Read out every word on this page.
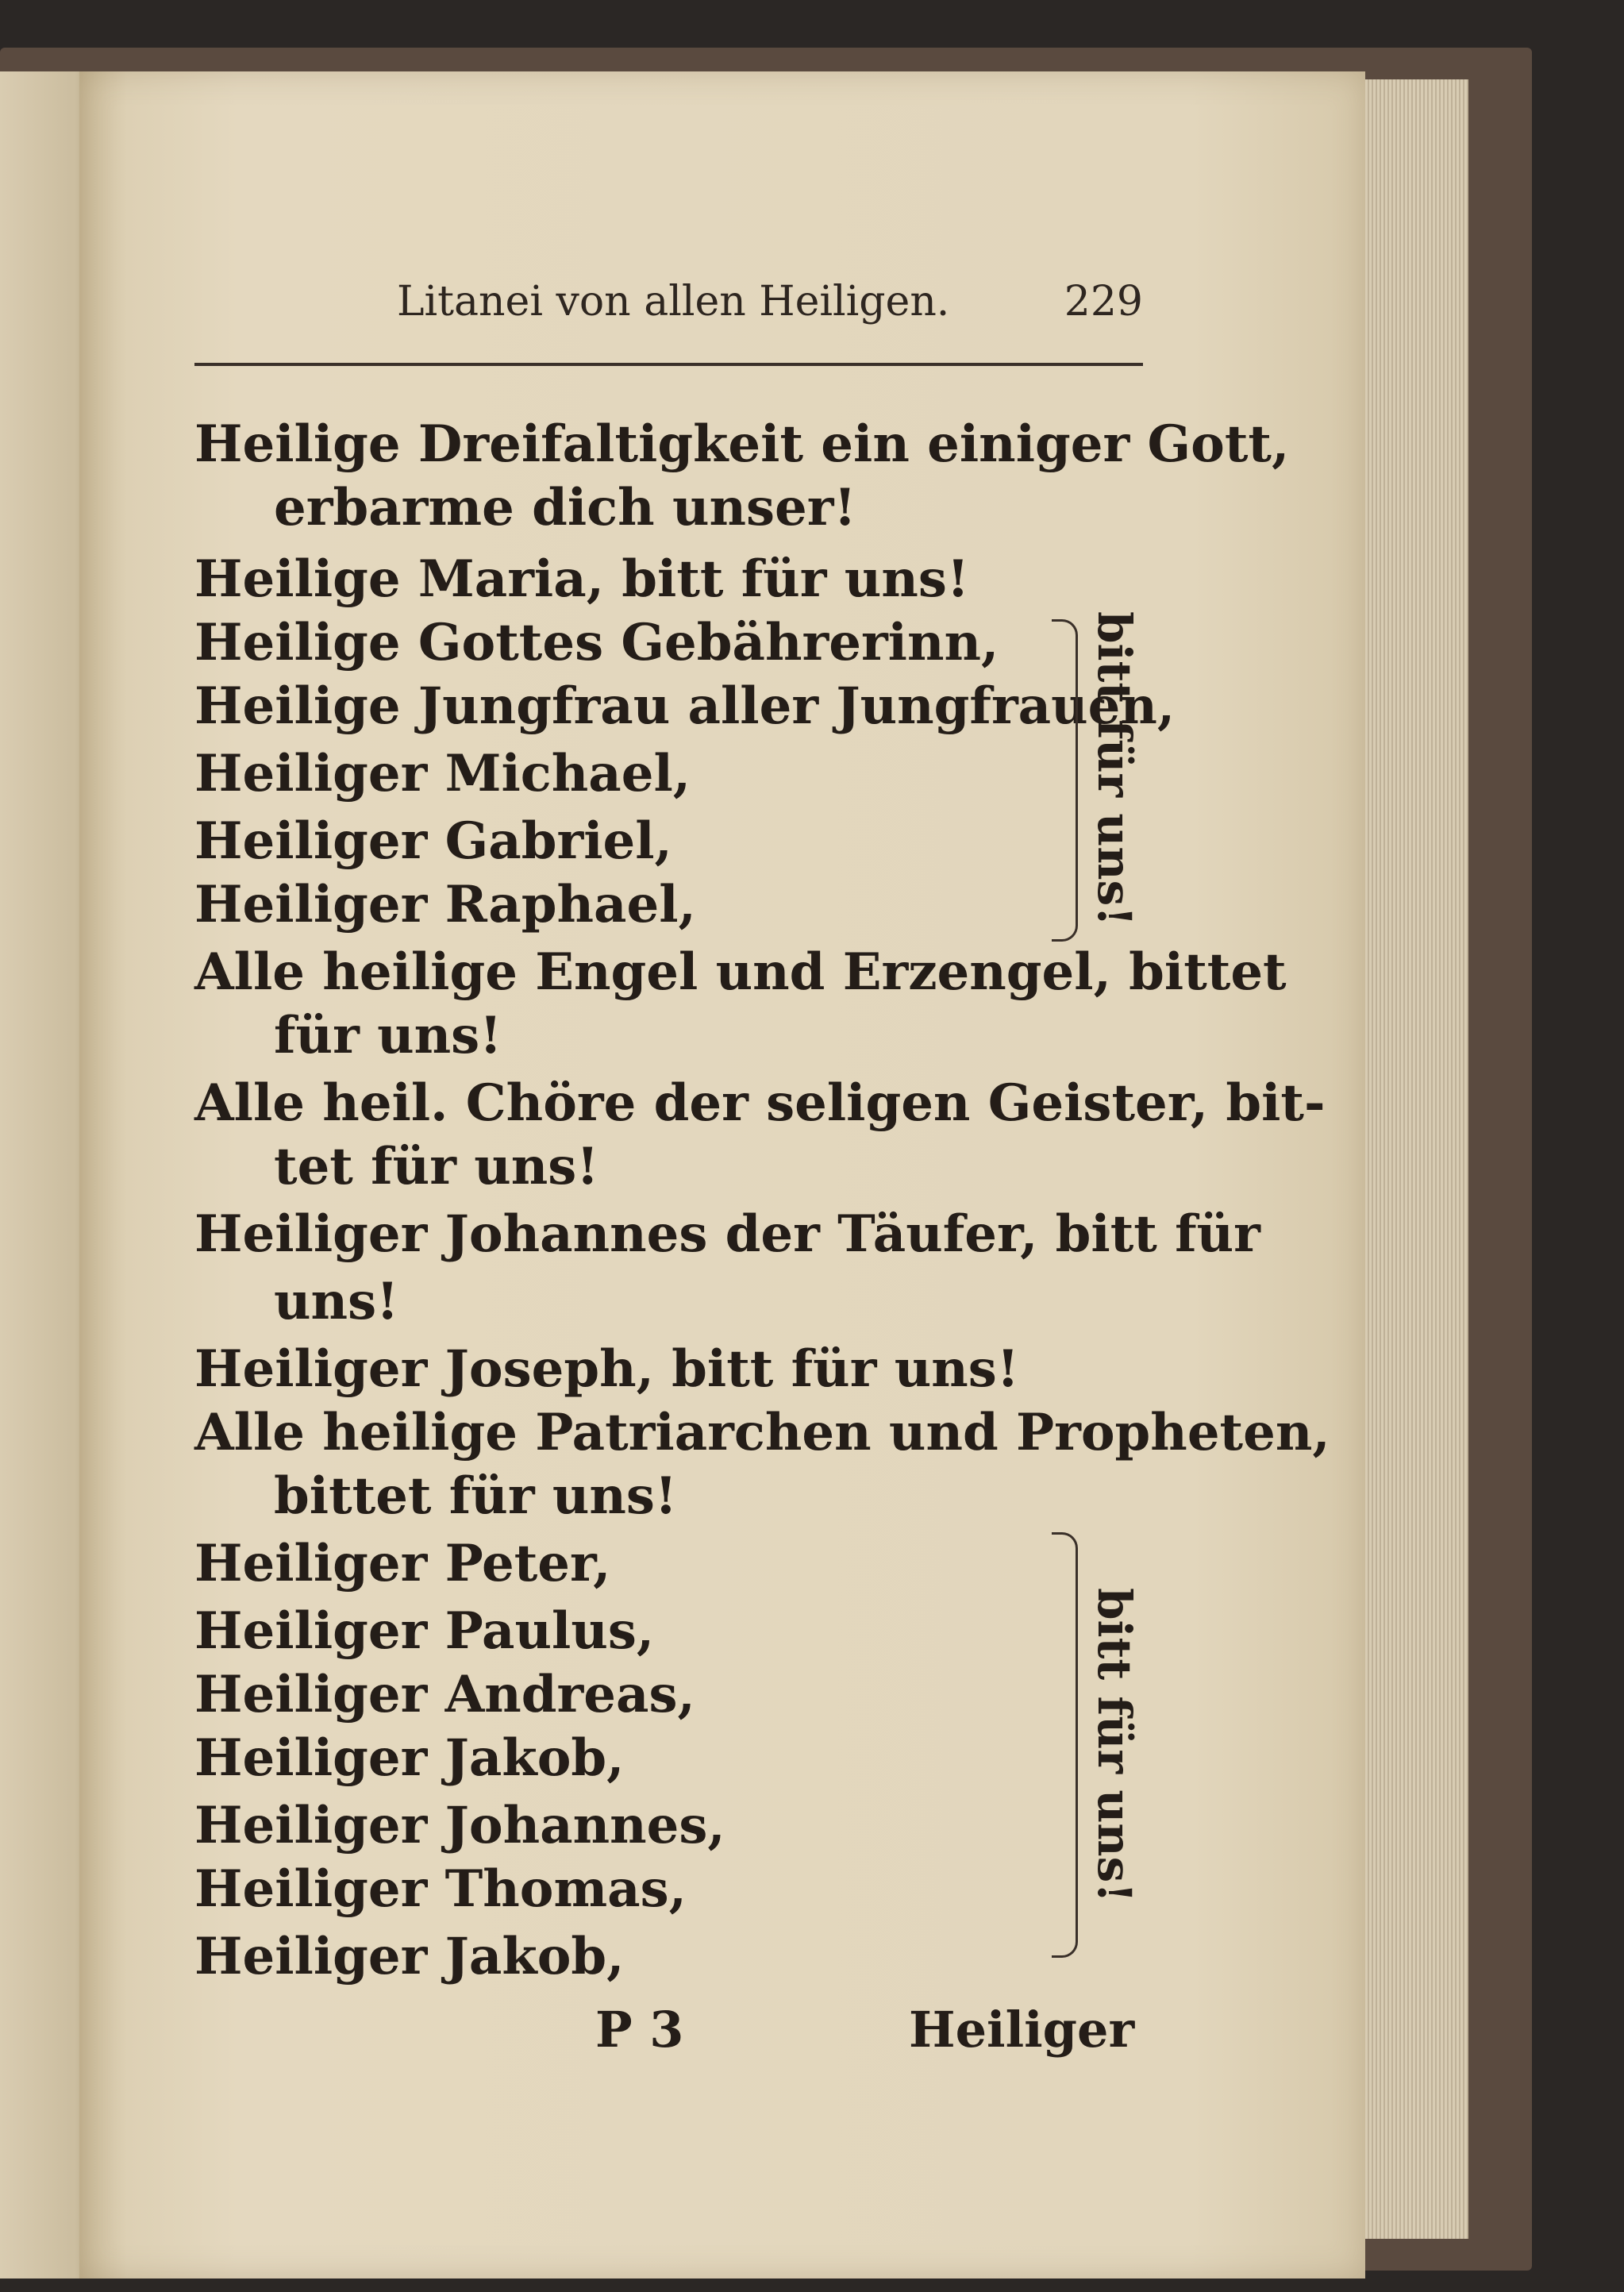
Litanei von allen Heiligen.	229
Heilige Dreifaltigkeit ein einiger Gott,
erbarme dich unser!
Heilige Maria, bitt für uns!
Heilige Gottes Gebährerinn,
Heilige Jungfrau aller Jungfrauen,
Heiliger Michael,
Heiliger Gabriel,
Heiliger Raphael,
Alle heilige Engel und Erzengel, bittet
für uns!
Alle heil. Chöre der seligen Geister, bit-
tet für uns!
Heiliger Johannes der Täufer, bitt für
uns!
Heiliger Joseph, bitt für uns!
Alle heilige Patriarchen und Propheten,
bittet für uns!
Heiliger Peter,
Heiliger Paulus,
Heiliger Andreas,
Heiliger Jakob,
Heiliger Johannes,
Heiliger Thomas,
Heiliger Jakob,
bitt für uns!
bitt für uns!
P 3	Heiliger
